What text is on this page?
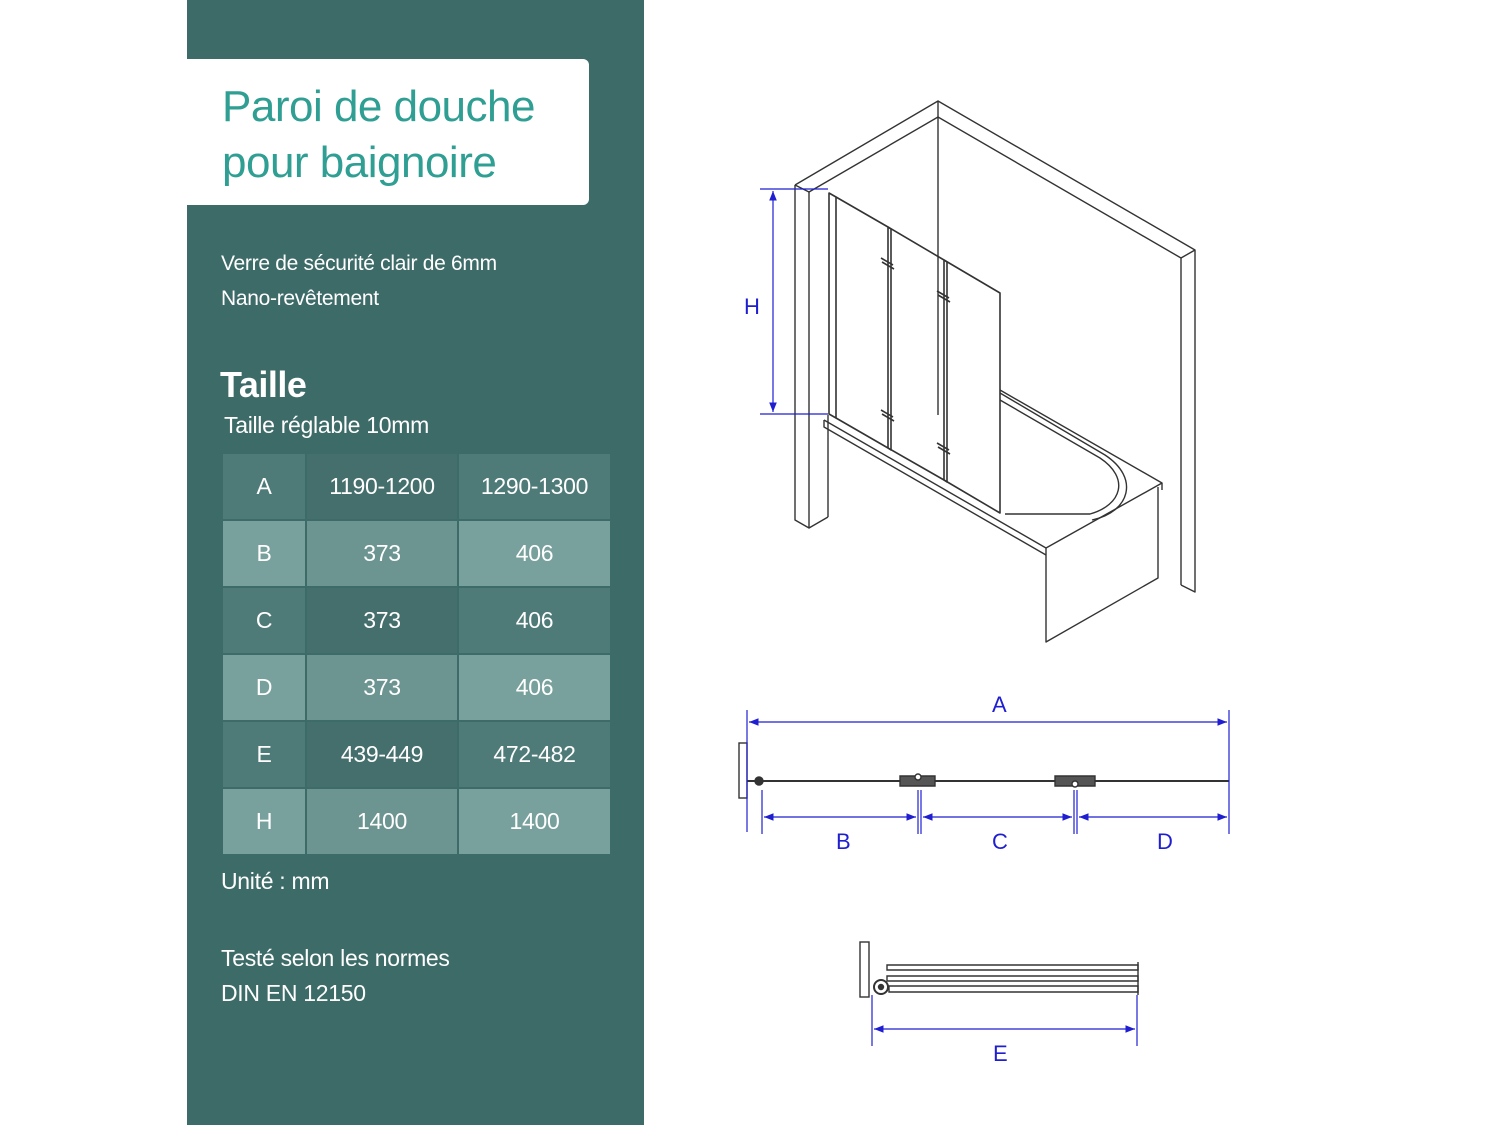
Paroi de douche
pour baignoire
Verre de sécurité clair de 6mm
Nano-revêtement
Taille
Taille réglable 10mm
A	1190-1200	1290-1300
B	373	406
C	373	406
D	373	406
E	439-449	472-482
H	1400	1400
Unité : mm
Testé selon les normes
DIN EN 12150
H
A
B	C	D
E
